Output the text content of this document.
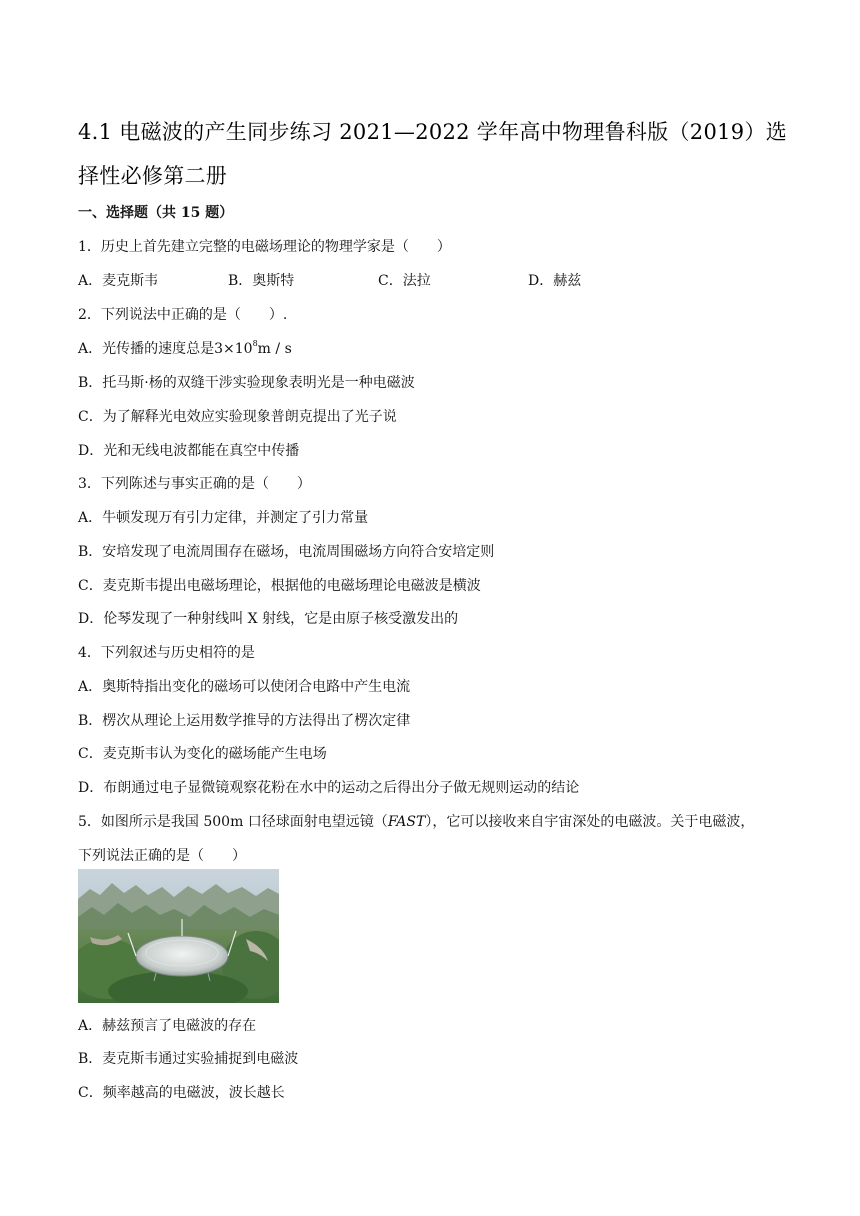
4.1 电磁波的产生同步练习 2021—2022 学年高中物理鲁科版（2019）选择性必修第二册
一、选择题（共 15 题）
1．历史上首先建立完整的电磁场理论的物理学家是（　　）
A．麦克斯韦	B．奥斯特	C．法拉	D．赫兹
2．下列说法中正确的是（　　）.
A．光传播的速度总是$3\times 10^8m / s$
B．托马斯·杨的双缝干涉实验现象表明光是一种电磁波
C．为了解释光电效应实验现象普朗克提出了光子说
D．光和无线电波都能在真空中传播
3．下列陈述与事实正确的是（　　）
A．牛顿发现万有引力定律，并测定了引力常量
B．安培发现了电流周围存在磁场，电流周围磁场方向符合安培定则
C．麦克斯韦提出电磁场理论，根据他的电磁场理论电磁波是横波
D．伦琴发现了一种射线叫 X 射线，它是由原子核受激发出的
4．下列叙述与历史相符的是
A．奥斯特指出变化的磁场可以使闭合电路中产生电流
B．楞次从理论上运用数学推导的方法得出了楞次定律
C．麦克斯韦认为变化的磁场能产生电场
D．布朗通过电子显微镜观察花粉在水中的运动之后得出分子做无规则运动的结论
5．如图所示是我国 500m 口径球面射电望远镜（FAST），它可以接收来自宇宙深处的电磁波。关于电磁波，
下列说法正确的是（　　）
A．赫兹预言了电磁波的存在
B．麦克斯韦通过实验捕捉到电磁波
C．频率越高的电磁波，波长越长
